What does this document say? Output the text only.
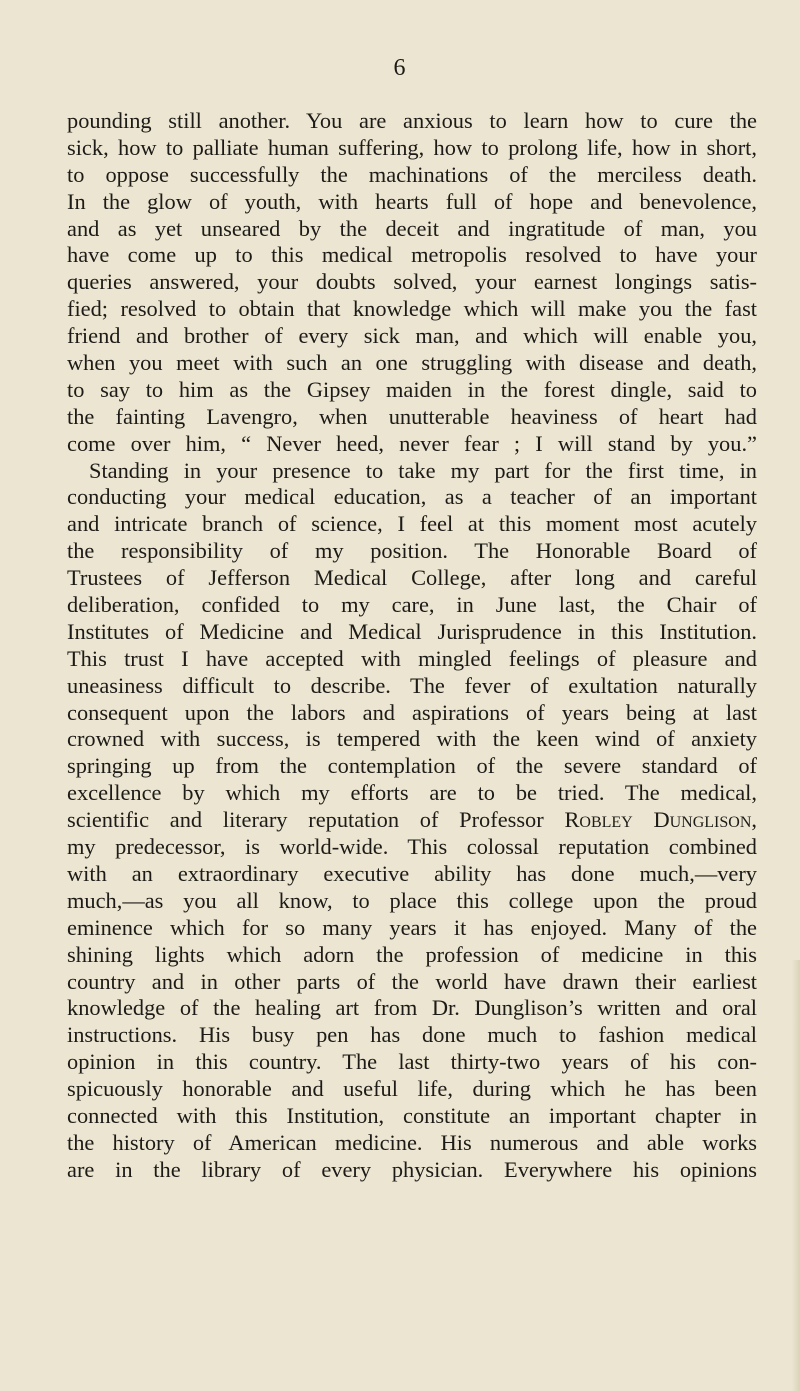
6
pounding still another. You are anxious to learn how to cure the
sick, how to palliate human suffering, how to prolong life, how in short,
to oppose successfully the machinations of the merciless death.
In the glow of youth, with hearts full of hope and benevolence,
and as yet unseared by the deceit and ingratitude of man, you
have come up to this medical metropolis resolved to have your
queries answered, your doubts solved, your earnest longings satis-
fied; resolved to obtain that knowledge which will make you the fast
friend and brother of every sick man, and which will enable you,
when you meet with such an one struggling with disease and death,
to say to him as the Gipsey maiden in the forest dingle, said to
the fainting Lavengro, when unutterable heaviness of heart had
come over him, “ Never heed, never fear ; I will stand by you.”
Standing in your presence to take my part for the first time, in
conducting your medical education, as a teacher of an important
and intricate branch of science, I feel at this moment most acutely
the responsibility of my position. The Honorable Board of
Trustees of Jefferson Medical College, after long and careful
deliberation, confided to my care, in June last, the Chair of
Institutes of Medicine and Medical Jurisprudence in this Institution.
This trust I have accepted with mingled feelings of pleasure and
uneasiness difficult to describe. The fever of exultation naturally
consequent upon the labors and aspirations of years being at last
crowned with success, is tempered with the keen wind of anxiety
springing up from the contemplation of the severe standard of
excellence by which my efforts are to be tried. The medical,
scientific and literary reputation of Professor Robley Dunglison,
my predecessor, is world-wide. This colossal reputation combined
with an extraordinary executive ability has done much,—very
much,—as you all know, to place this college upon the proud
eminence which for so many years it has enjoyed. Many of the
shining lights which adorn the profession of medicine in this
country and in other parts of the world have drawn their earliest
knowledge of the healing art from Dr. Dunglison’s written and oral
instructions. His busy pen has done much to fashion medical
opinion in this country. The last thirty-two years of his con-
spicuously honorable and useful life, during which he has been
connected with this Institution, constitute an important chapter in
the history of American medicine. His numerous and able works
are in the library of every physician. Everywhere his opinions
